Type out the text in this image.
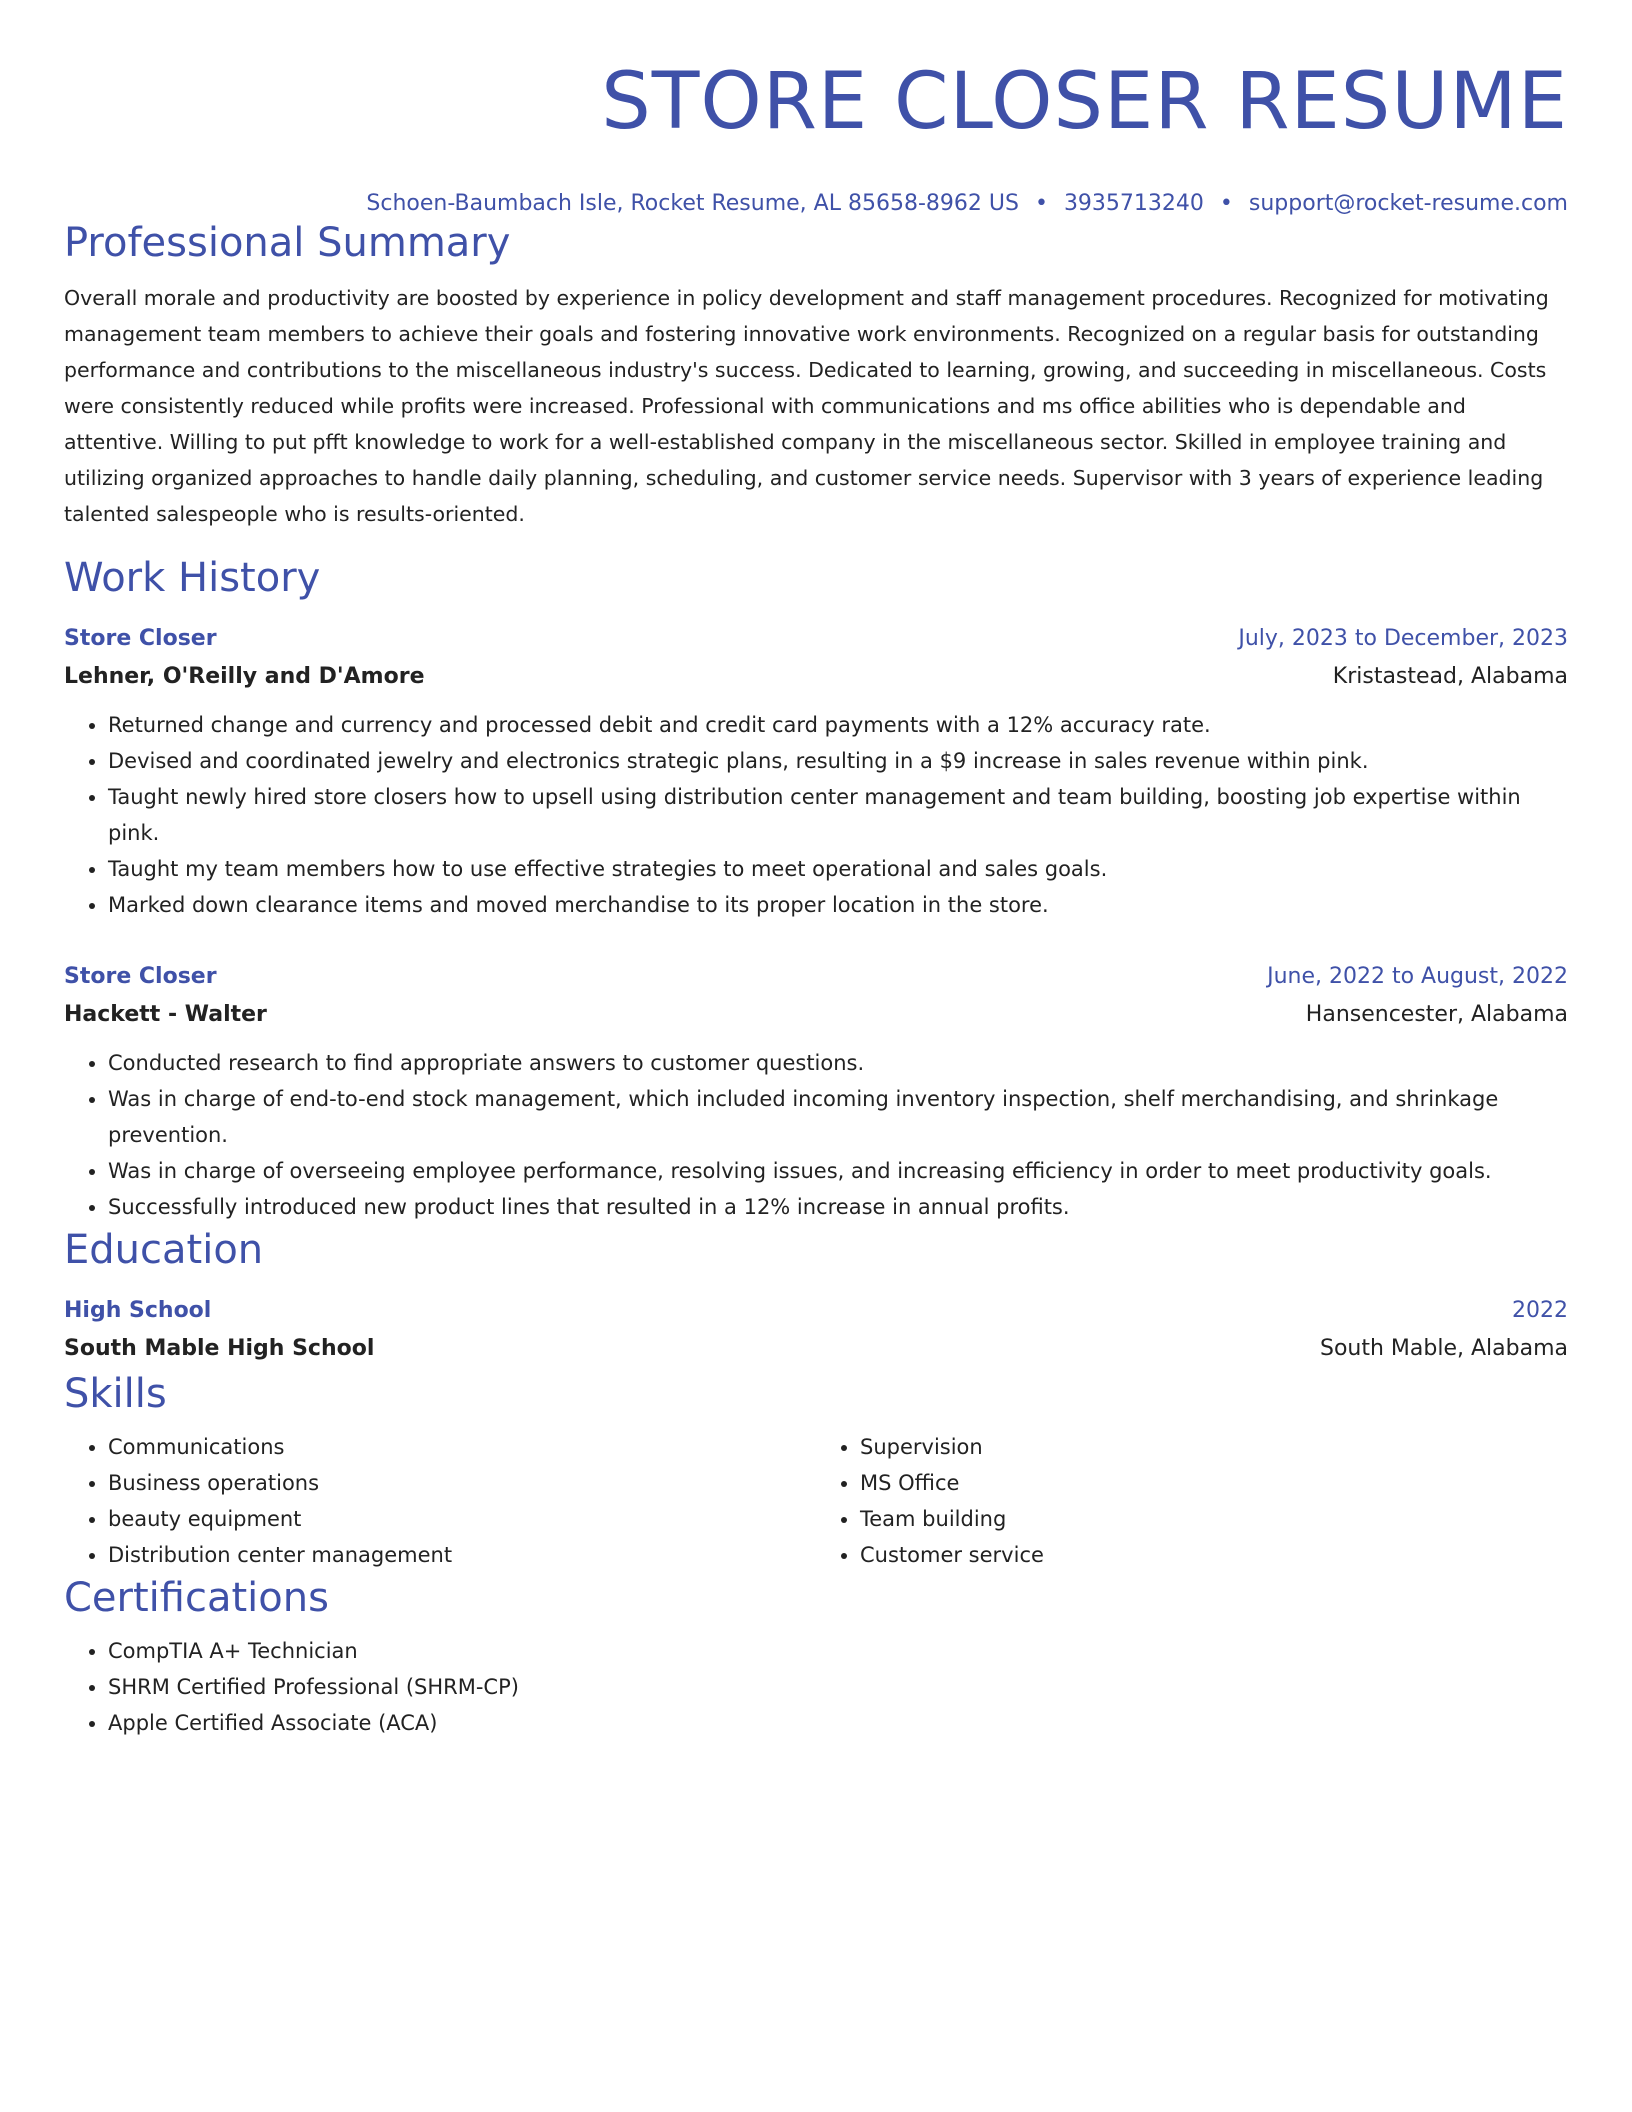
STORE CLOSER RESUME
Schoen-Baumbach Isle, Rocket Resume, AL 85658-8962 US • 3935713240 • support@rocket-resume.com
Professional Summary

Overall morale and productivity are boosted by experience in policy development and staff management procedures. Recognized for motivating management team members to achieve their goals and fostering innovative work environments. Recognized on a regular basis for outstanding performance and contributions to the miscellaneous industry's success. Dedicated to learning, growing, and succeeding in miscellaneous. Costs were consistently reduced while profits were increased. Professional with communications and ms office abilities who is dependable and attentive. Willing to put pfft knowledge to work for a well-established company in the miscellaneous sector. Skilled in employee training and utilizing organized approaches to handle daily planning, scheduling, and customer service needs. Supervisor with 3 years of experience leading talented salespeople who is results-oriented.

Work History
Store Closer	July, 2023 to December, 2023
Lehner, O'Reilly and D'Amore	Kristastead, Alabama
• Returned change and currency and processed debit and credit card payments with a 12% accuracy rate.
• Devised and coordinated jewelry and electronics strategic plans, resulting in a $9 increase in sales revenue within pink.
• Taught newly hired store closers how to upsell using distribution center management and team building, boosting job expertise within pink.
• Taught my team members how to use effective strategies to meet operational and sales goals.
• Marked down clearance items and moved merchandise to its proper location in the store.
Store Closer	June, 2022 to August, 2022
Hackett - Walter	Hansencester, Alabama
• Conducted research to find appropriate answers to customer questions.
• Was in charge of end-to-end stock management, which included incoming inventory inspection, shelf merchandising, and shrinkage prevention.
• Was in charge of overseeing employee performance, resolving issues, and increasing efficiency in order to meet productivity goals.
• Successfully introduced new product lines that resulted in a 12% increase in annual profits.
Education
High School	2022
South Mable High School	South Mable, Alabama
Skills
• Communications
• Business operations
• beauty equipment
• Distribution center management
• Supervision
• MS Office
• Team building
• Customer service
Certifications
• CompTIA A+ Technician
• SHRM Certified Professional (SHRM-CP)
• Apple Certified Associate (ACA)
